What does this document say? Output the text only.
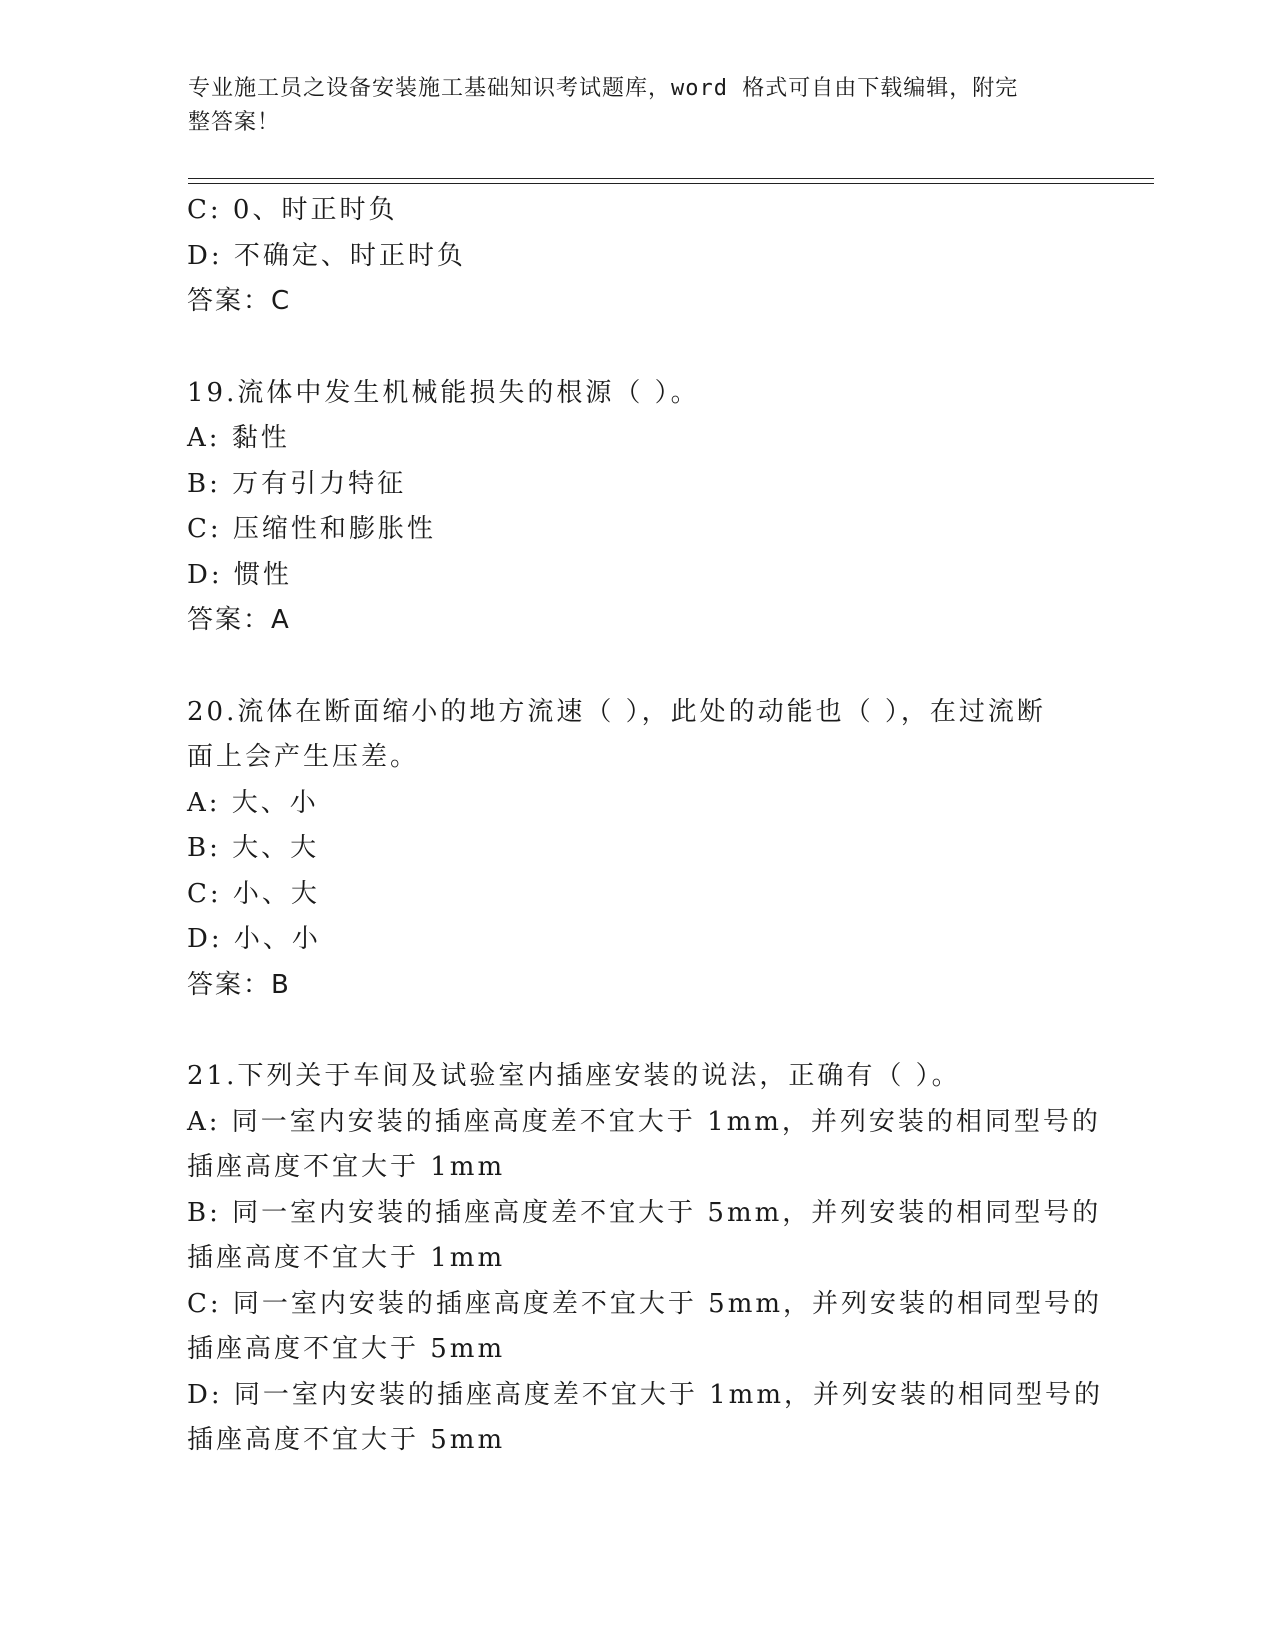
专业施工员之设备安装施工基础知识考试题库，word 格式可自由下载编辑，附完
整答案！
C: 0、时正时负
D: 不确定、时正时负
答案：C
19.流体中发生机械能损失的根源（ ）。
A: 黏性
B: 万有引力特征
C: 压缩性和膨胀性
D: 惯性
答案：A
20.流体在断面缩小的地方流速（ ），此处的动能也（ ），在过流断
面上会产生压差。
A: 大、小
B: 大、大
C: 小、大
D: 小、小
答案：B
21.下列关于车间及试验室内插座安装的说法，正确有（ ）。
A: 同一室内安装的插座高度差不宜大于 1mm，并列安装的相同型号的
插座高度不宜大于 1mm
B: 同一室内安装的插座高度差不宜大于 5mm，并列安装的相同型号的
插座高度不宜大于 1mm
C: 同一室内安装的插座高度差不宜大于 5mm，并列安装的相同型号的
插座高度不宜大于 5mm
D: 同一室内安装的插座高度差不宜大于 1mm，并列安装的相同型号的
插座高度不宜大于 5mm
